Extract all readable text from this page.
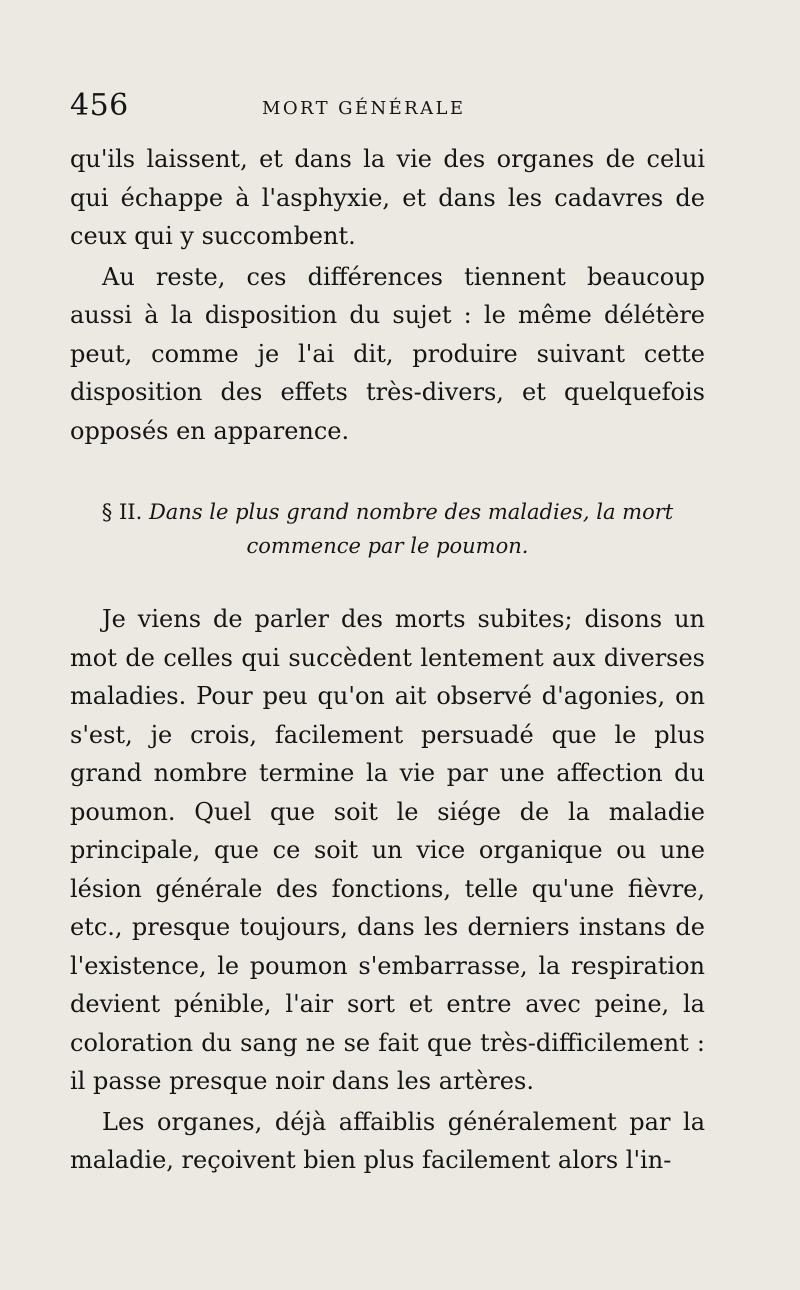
456	MORT GÉNÉRALE

qu'ils laissent, et dans la vie des organes de celui qui échappe à l'asphyxie, et dans les cadavres de ceux qui y succombent.

Au reste, ces différences tiennent beaucoup aussi à la disposition du sujet : le même délétère peut, comme je l'ai dit, produire suivant cette disposition des effets très-divers, et quelquefois opposés en apparence.

§ II. Dans le plus grand nombre des maladies, la mort commence par le poumon.

Je viens de parler des morts subites; disons un mot de celles qui succèdent lentement aux diverses maladies. Pour peu qu'on ait observé d'agonies, on s'est, je crois, facilement persuadé que le plus grand nombre termine la vie par une affection du poumon. Quel que soit le siége de la maladie principale, que ce soit un vice organique ou une lésion générale des fonctions, telle qu'une fièvre, etc., presque toujours, dans les derniers instans de l'existence, le poumon s'embarrasse, la respiration devient pénible, l'air sort et entre avec peine, la coloration du sang ne se fait que très-difficilement : il passe presque noir dans les artères.

Les organes, déjà affaiblis généralement par la maladie, reçoivent bien plus facilement alors l'in-
